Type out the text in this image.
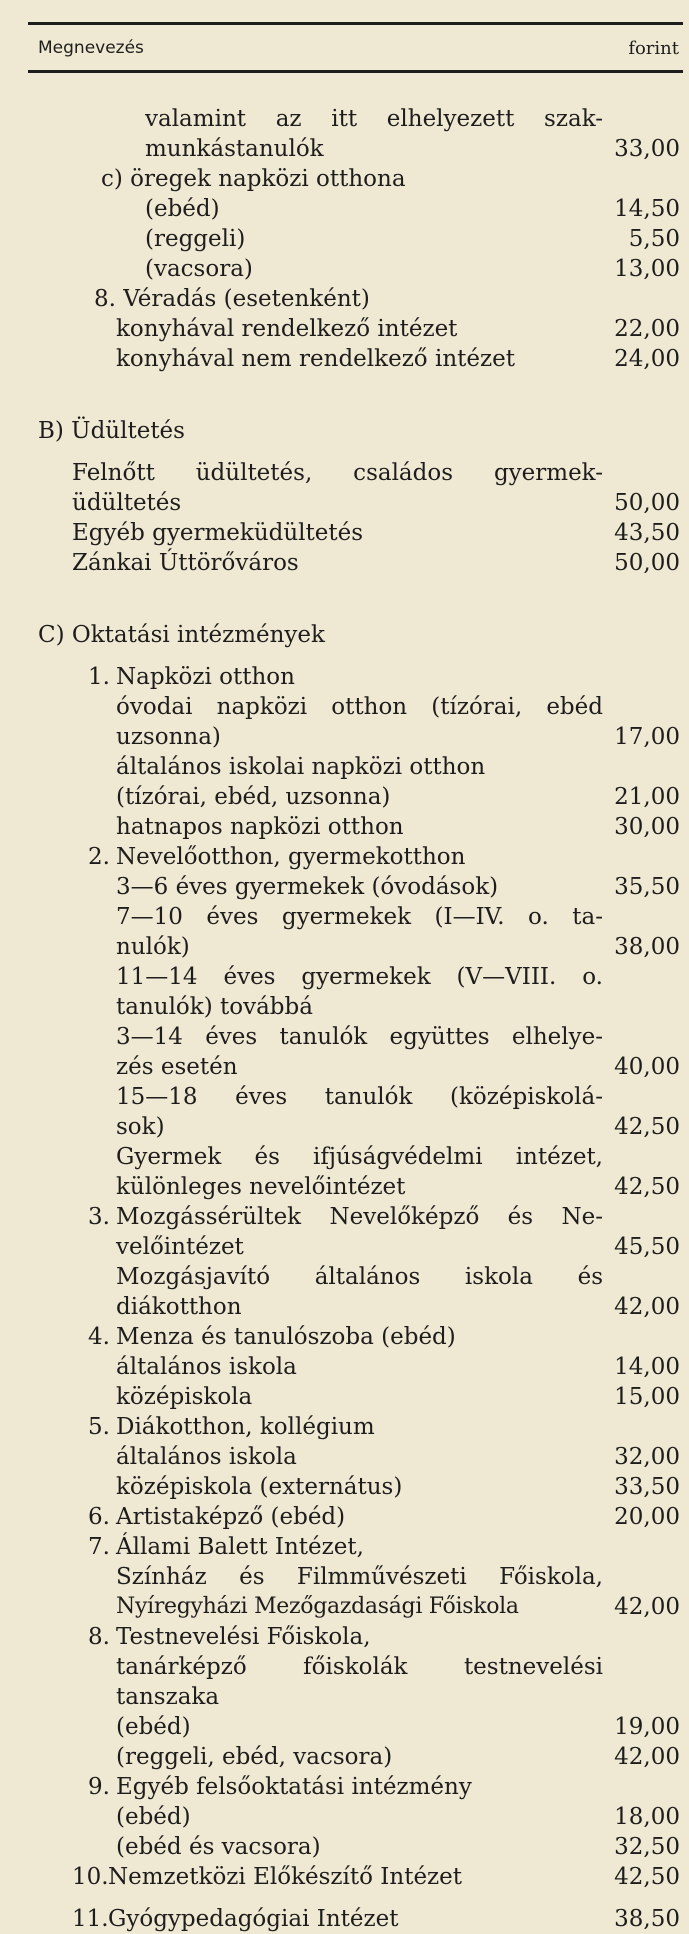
Megnevezés	forint
valamint az itt elhelyezett szak-
munkástanulók	33,00
c) öregek napközi otthona
(ebéd)	14,50
(reggeli)	5,50
(vacsora)	13,00
8. Véradás (esetenként)
konyhával rendelkező intézet	22,00
konyhával nem rendelkező intézet	24,00
B) Üdültetés
Felnőtt üdültetés, családos gyermek-
üdültetés	50,00
Egyéb gyermeküdültetés	43,50
Zánkai Úttörőváros	50,00
C) Oktatási intézmények
1. Napközi otthon
óvodai napközi otthon (tízórai, ebéd
uzsonna)	17,00
általános iskolai napközi otthon
(tízórai, ebéd, uzsonna)	21,00
hatnapos napközi otthon	30,00
2. Nevelőotthon, gyermekotthon
3—6 éves gyermekek (óvodások)	35,50
7—10 éves gyermekek (I—IV. o. ta-
nulók)	38,00
11—14 éves gyermekek (V—VIII. o.
tanulók) továbbá
3—14 éves tanulók együttes elhelye-
zés esetén	40,00
15—18 éves tanulók (középiskolá-
sok)	42,50
Gyermek és ifjúságvédelmi intézet,
különleges nevelőintézet	42,50
3. Mozgássérültek Nevelőképző és Ne-
velőintézet	45,50
Mozgásjavító általános iskola és
diákotthon	42,00
4. Menza és tanulószoba (ebéd)
általános iskola	14,00
középiskola	15,00
5. Diákotthon, kollégium
általános iskola	32,00
középiskola (externátus)	33,50
6. Artistaképző (ebéd)	20,00
7. Állami Balett Intézet,
Színház és Filmművészeti Főiskola,
Nyíregyházi Mezőgazdasági Főiskola	42,00
8. Testnevelési Főiskola,
tanárképző főiskolák testnevelési
tanszaka
(ebéd)	19,00
(reggeli, ebéd, vacsora)	42,00
9. Egyéb felsőoktatási intézmény
(ebéd)	18,00
(ebéd és vacsora)	32,50
10. Nemzetközi Előkészítő Intézet	42,50
11. Gyógypedagógiai Intézet	38,50
